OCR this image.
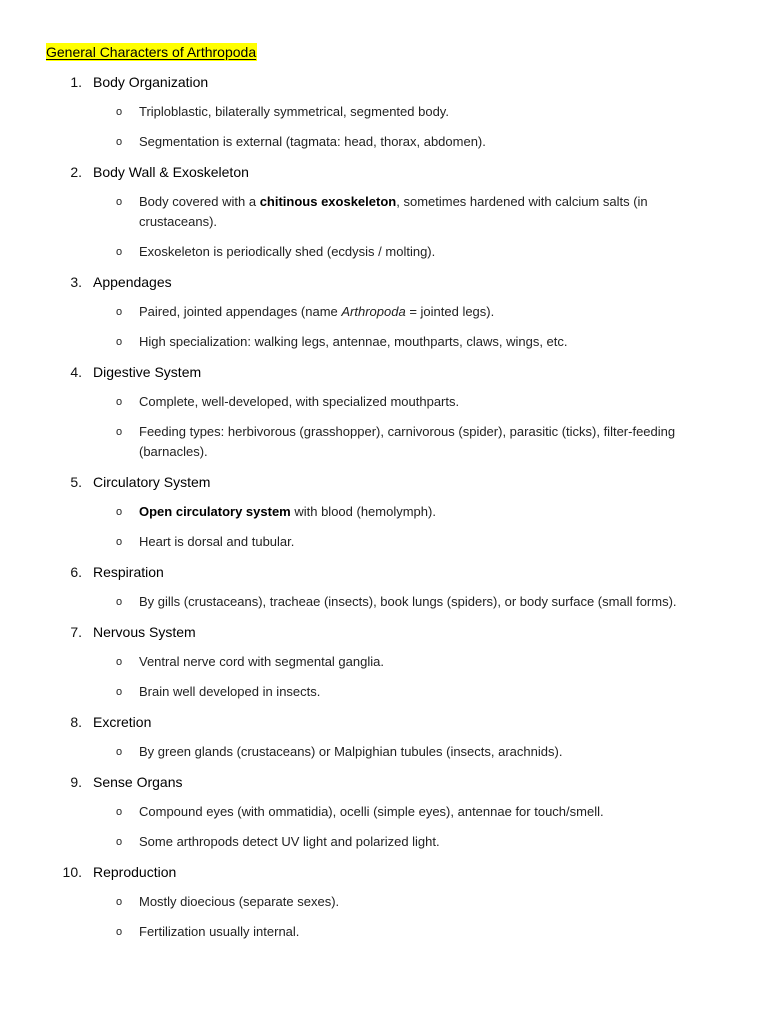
General Characters of Arthropoda
1. Body Organization
o Triploblastic, bilaterally symmetrical, segmented body.
o Segmentation is external (tagmata: head, thorax, abdomen).
2. Body Wall & Exoskeleton
o Body covered with a chitinous exoskeleton, sometimes hardened with calcium salts (in crustaceans).
o Exoskeleton is periodically shed (ecdysis / molting).
3. Appendages
o Paired, jointed appendages (name Arthropoda = jointed legs).
o High specialization: walking legs, antennae, mouthparts, claws, wings, etc.
4. Digestive System
o Complete, well-developed, with specialized mouthparts.
o Feeding types: herbivorous (grasshopper), carnivorous (spider), parasitic (ticks), filter-feeding (barnacles).
5. Circulatory System
o Open circulatory system with blood (hemolymph).
o Heart is dorsal and tubular.
6. Respiration
o By gills (crustaceans), tracheae (insects), book lungs (spiders), or body surface (small forms).
7. Nervous System
o Ventral nerve cord with segmental ganglia.
o Brain well developed in insects.
8. Excretion
o By green glands (crustaceans) or Malpighian tubules (insects, arachnids).
9. Sense Organs
o Compound eyes (with ommatidia), ocelli (simple eyes), antennae for touch/smell.
o Some arthropods detect UV light and polarized light.
10. Reproduction
o Mostly dioecious (separate sexes).
o Fertilization usually internal.
